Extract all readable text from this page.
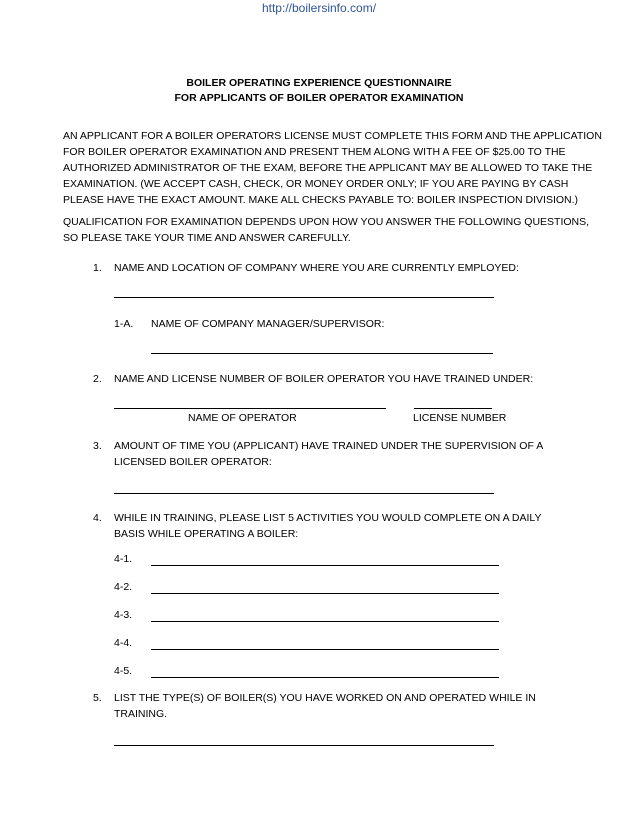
http://boilersinfo.com/
BOILER OPERATING EXPERIENCE QUESTIONNAIRE
FOR APPLICANTS OF BOILER OPERATOR EXAMINATION
AN APPLICANT FOR A BOILER OPERATORS LICENSE MUST COMPLETE THIS FORM AND THE APPLICATION
FOR BOILER OPERATOR EXAMINATION AND PRESENT THEM ALONG WITH A FEE OF $25.00 TO THE
AUTHORIZED ADMINISTRATOR OF THE EXAM, BEFORE THE APPLICANT MAY BE ALLOWED TO TAKE THE
EXAMINATION. (WE ACCEPT CASH, CHECK, OR MONEY ORDER ONLY; IF YOU ARE PAYING BY CASH
PLEASE HAVE THE EXACT AMOUNT. MAKE ALL CHECKS PAYABLE TO: BOILER INSPECTION DIVISION.)
QUALIFICATION FOR EXAMINATION DEPENDS UPON HOW YOU ANSWER THE FOLLOWING QUESTIONS,
SO PLEASE TAKE YOUR TIME AND ANSWER CAREFULLY.
1. NAME AND LOCATION OF COMPANY WHERE YOU ARE CURRENTLY EMPLOYED:
1-A. NAME OF COMPANY MANAGER/SUPERVISOR:
2. NAME AND LICENSE NUMBER OF BOILER OPERATOR YOU HAVE TRAINED UNDER:
NAME OF OPERATOR	LICENSE NUMBER
3. AMOUNT OF TIME YOU (APPLICANT) HAVE TRAINED UNDER THE SUPERVISION OF A
LICENSED BOILER OPERATOR:
4. WHILE IN TRAINING, PLEASE LIST 5 ACTIVITIES YOU WOULD COMPLETE ON A DAILY
BASIS WHILE OPERATING A BOILER:
4-1.
4-2.
4-3.
4-4.
4-5.
5. LIST THE TYPE(S) OF BOILER(S) YOU HAVE WORKED ON AND OPERATED WHILE IN
TRAINING.
